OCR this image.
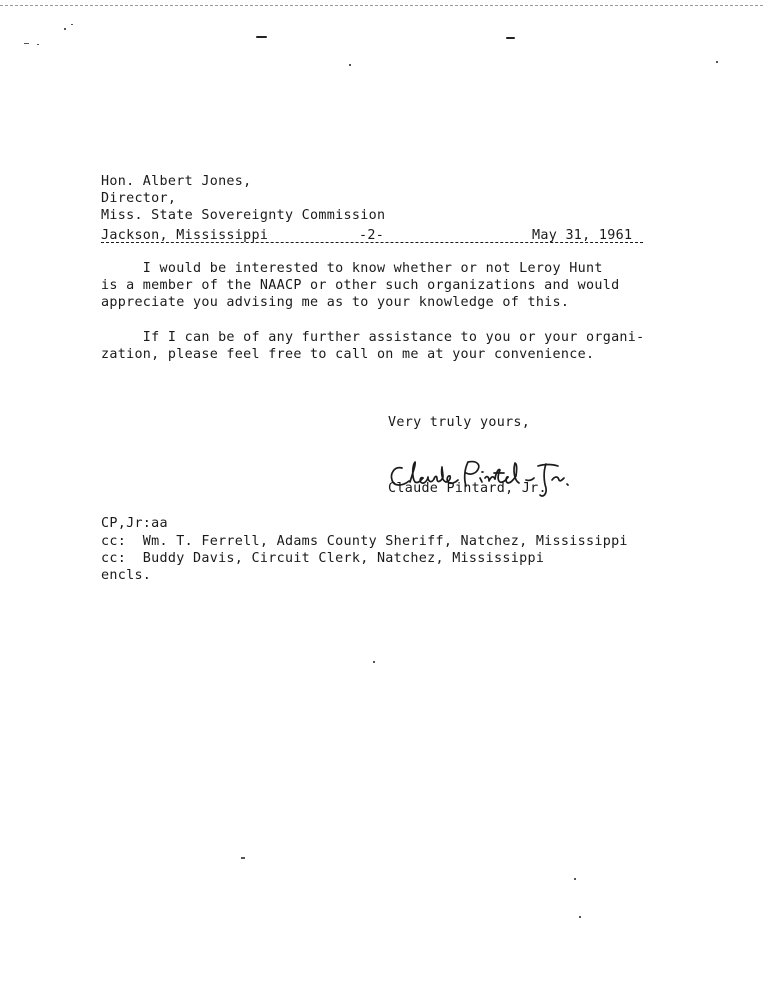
Hon. Albert Jones,
Director,
Miss. State Sovereignty Commission
Jackson, Mississippi	-2-	May 31, 1961
I would be interested to know whether or not Leroy Hunt
is a member of the NAACP or other such organizations and would
appreciate you advising me as to your knowledge of this.
If I can be of any further assistance to you or your organi-
zation, please feel free to call on me at your convenience.
Very truly yours,
Claude Pintard, Jr.
CP,Jr:aa
cc:  Wm. T. Ferrell, Adams County Sheriff, Natchez, Mississippi
cc:  Buddy Davis, Circuit Clerk, Natchez, Mississippi
encls.
